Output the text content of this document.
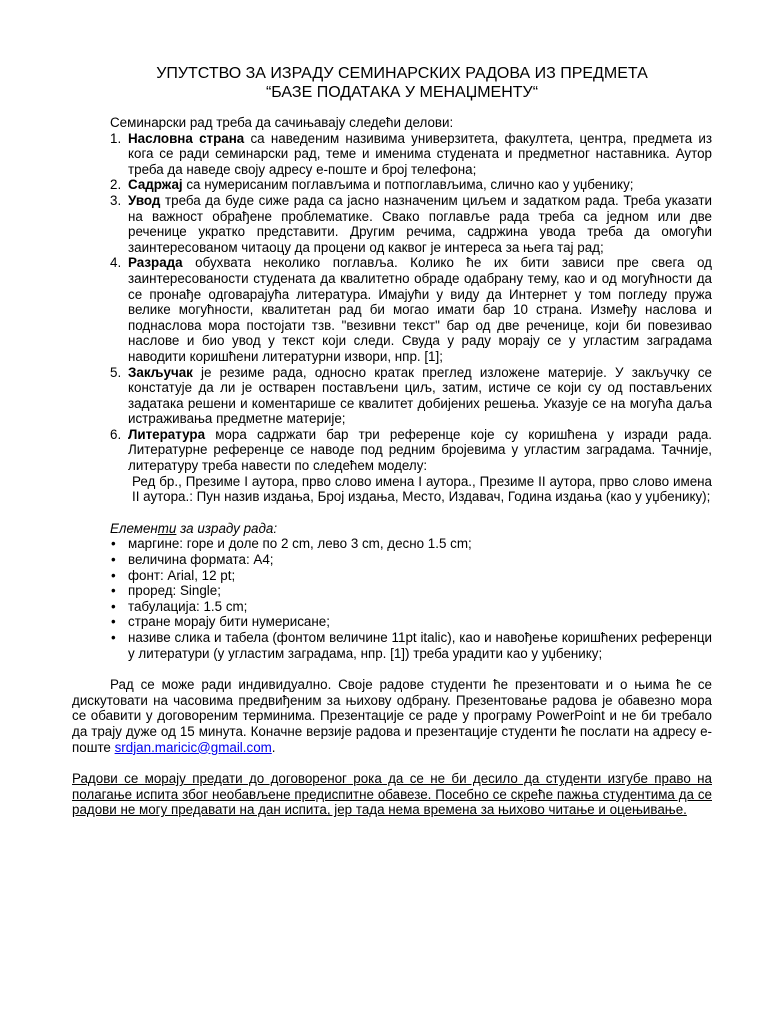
УПУТСТВО ЗА ИЗРАДУ СЕМИНАРСКИХ РАДОВА ИЗ ПРЕДМЕТА
“БАЗЕ ПОДАТАКА У МЕНАЏМЕНТУ“
Семинарски рад треба да сачињавају следећи делови:
1. Насловна страна са наведеним називима универзитета, факултета, центра, предмета из кога се ради семинарски рад, теме и именима студената и предметног наставника. Аутор треба да наведе своју адресу е-поште и број телефона;
2. Садржај са нумерисаним поглављима и потпоглављима, слично као у уџбенику;
3. Увод треба да буде сиже рада са јасно назначеним циљем и задатком рада. Треба указати на важност обрађене проблематике. Свако поглавље рада треба са једном или две реченице укратко представити. Другим речима, садржина увода треба да омогући заинтересованом читаоцу да процени од каквог је интереса за њега тај рад;
4. Разрада обухвата неколико поглавља. Колико ће их бити зависи пре свега од заинтересованости студената да квалитетно обраде одабрану тему, као и од могућности да се пронађе одговарајућа литература. Имајући у виду да Интернет у том погледу пружа велике могућности, квалитетан рад би могао имати бар 10 страна. Између наслова и поднаслова мора постојати тзв. "везивни текст" бар од две реченице, који би повезивао наслове и био увод у текст који следи. Свуда у раду морају се у угластим заградама наводити коришћени литературни извори, нпр. [1];
5. Закључак је резиме рада, односно кратак преглед изложене материје. У закључку се констатује да ли је остварен постављени циљ, затим, истиче се који су од постављених задатака решени и коментарише се квалитет добијених решења. Указује се на могућа даља истраживања предметне материје;
6. Литература мора садржати бар три референце које су коришћена у изради рада. Литературне референце се наводе под редним бројевима у угластим заградама. Тачније, литературу треба навести по следећем моделу:
Ред бр., Презиме I аутора, прво слово имена I аутора., Презиме II аутора, прво слово имена II аутора.: Пун назив издања, Број издања, Место, Издавач, Година издања (као у уџбенику);
Елементи за израду рада:
• маргине: горе и доле по 2 cm, лево 3 cm, десно 1.5 cm;
• величина формата: A4;
• фонт: Arial, 12 pt;
• проред: Single;
• табулација: 1.5 cm;
• стране морају бити нумерисане;
• називе слика и табела (фонтом величине 11pt italic), као и навођење коришћених референци у литератури (у угластим заградама, нпр. [1]) треба урадити као у уџбенику;
Рад се може ради индивидуално. Своје радове студенти ће презентовати и о њима ће се дискутовати на часовима предвиђеним за њихову одбрану. Презентовање радова је обавезно мора се обавити у договореним терминима. Презентације се раде у програму PowerPoint и не би требало да трају дуже од 15 минута. Коначне верзије радова и презентације студенти ће послати на адресу е-поште srdjan.maricic@gmail.com.
Радови се морају предати до договореног рока да се не би десило да студенти изгубе право на полагање испита због необављене предиспитне обавезе. Посебно се скреће пажња студентима да се радови не могу предавати на дан испита, јер тада нема времена за њихово читање и оцењивање.
